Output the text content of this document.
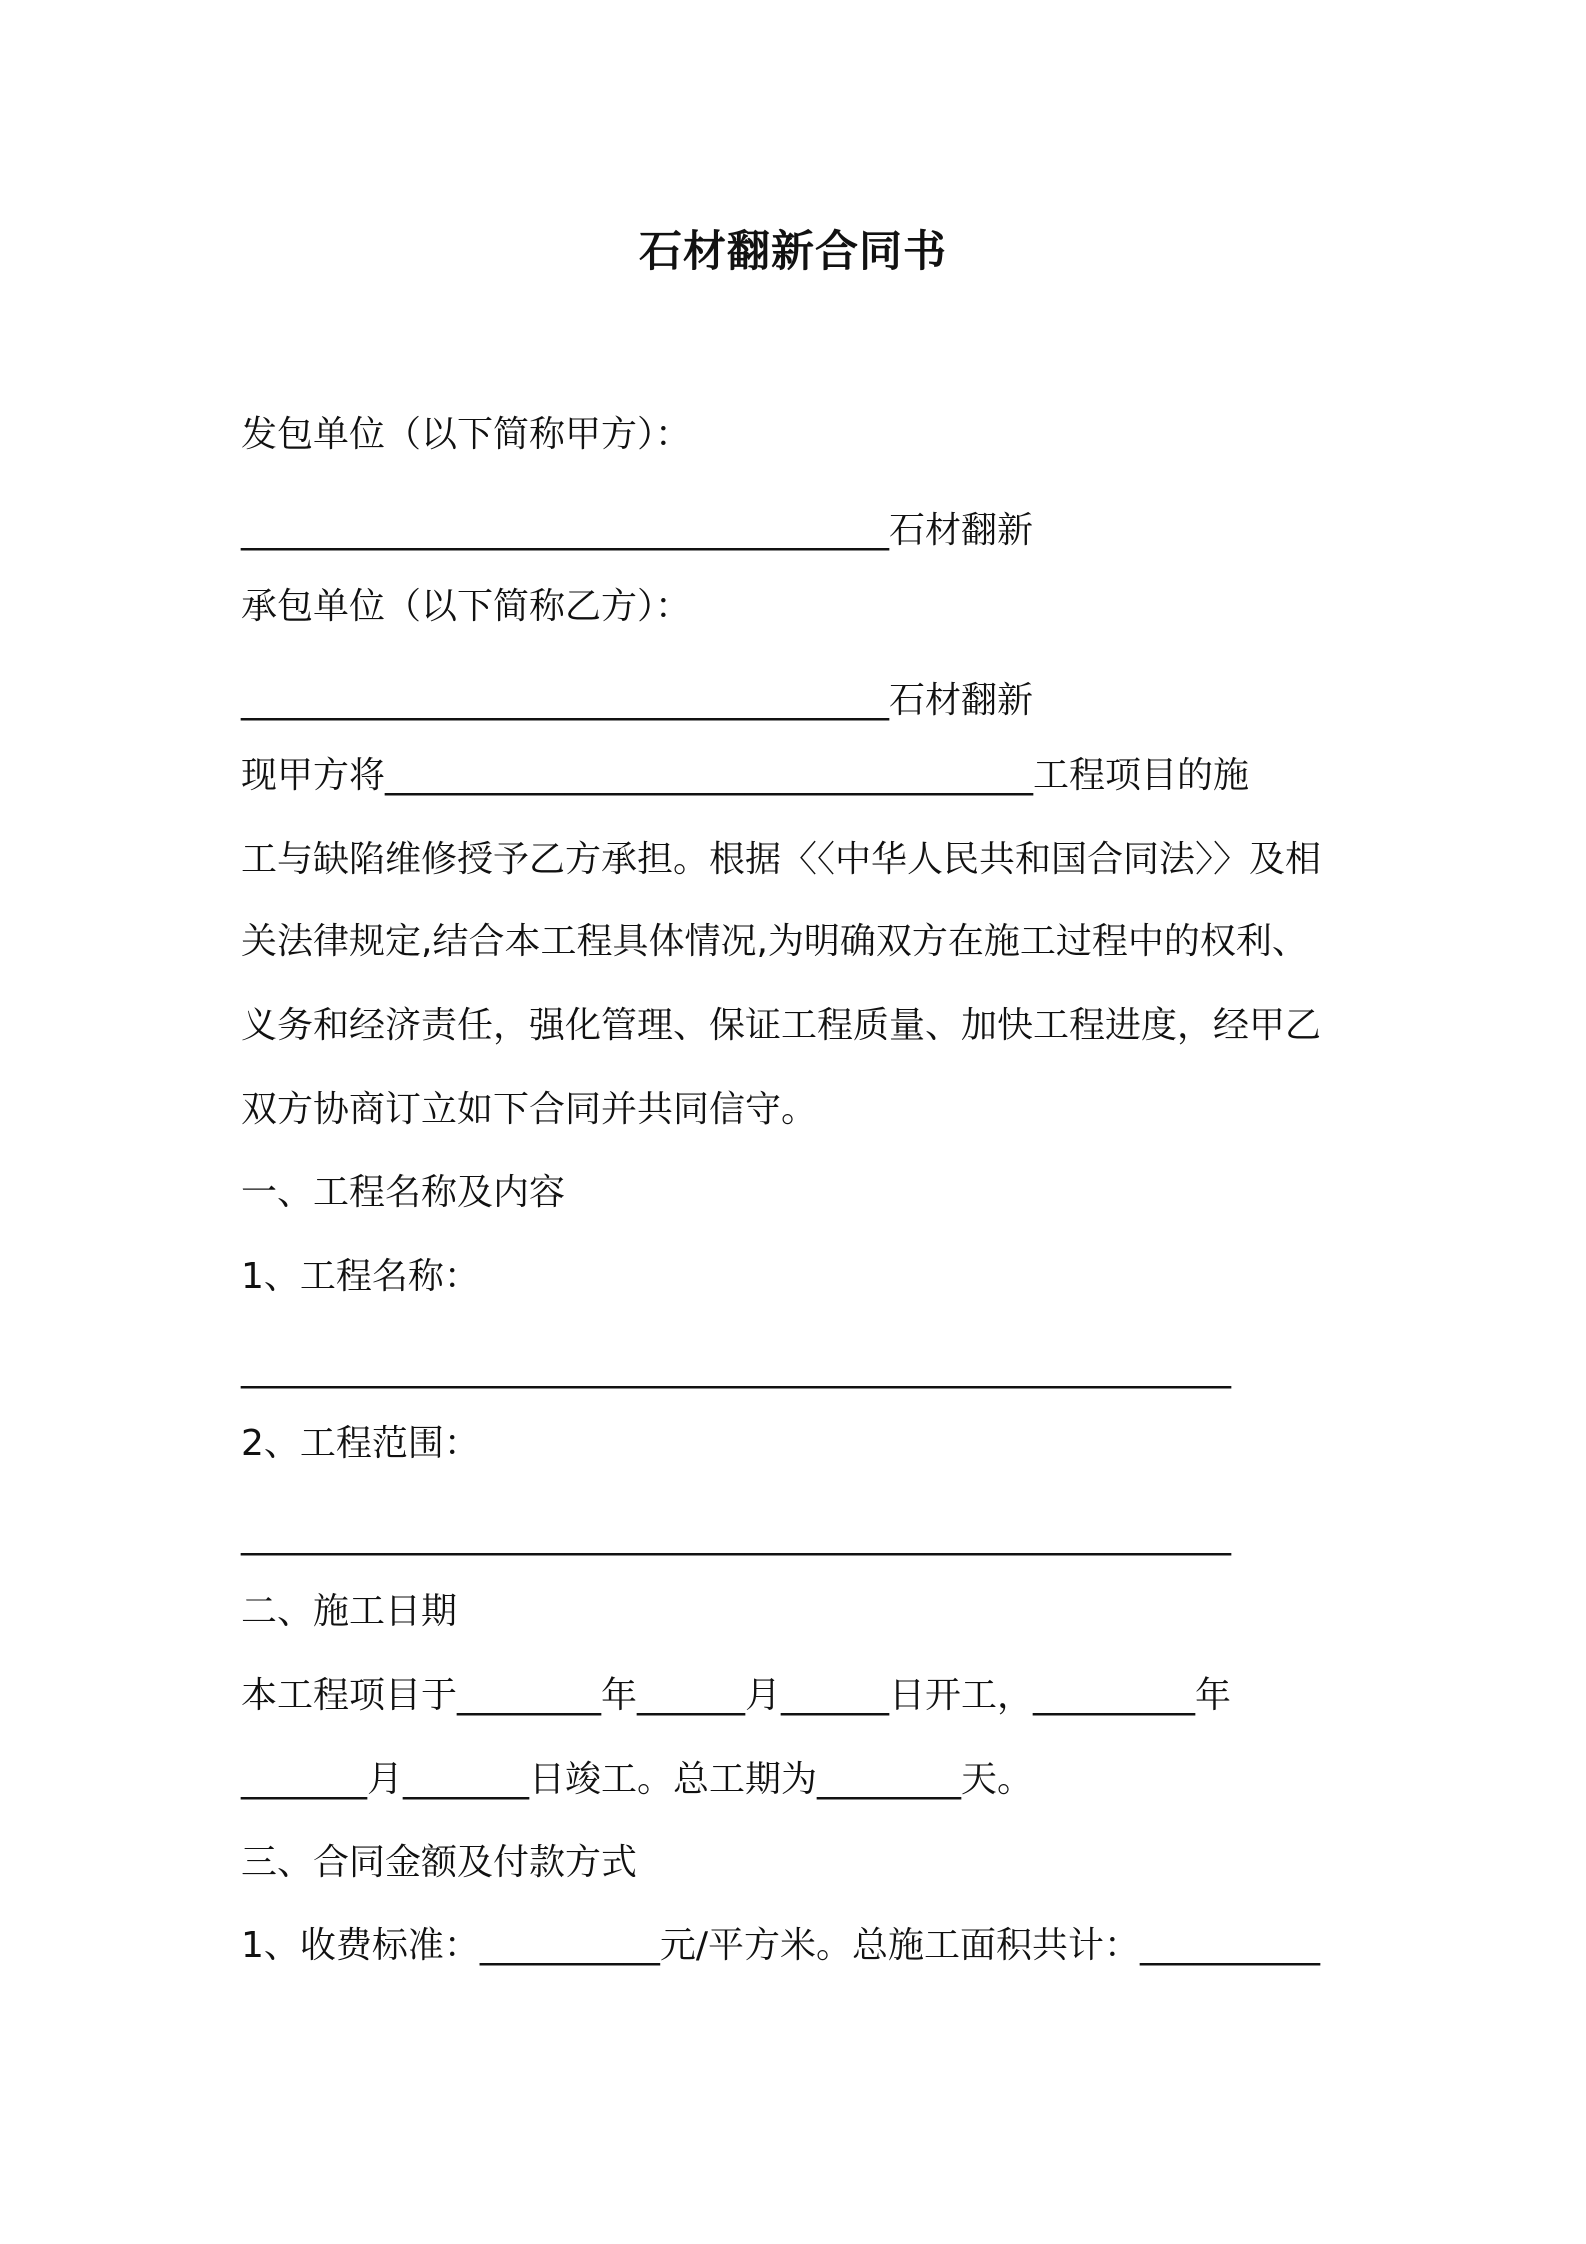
石材翻新合同书
发包单位（以下简称甲方）：
____________________________________石材翻新
承包单位（以下简称乙方）：
____________________________________石材翻新
现甲方将____________________________________工程项目的施
工与缺陷维修授予乙方承担。根据〈〈中华人民共和国合同法〉〉及相
关法律规定,结合本工程具体情况,为明确双方在施工过程中的权利、
义务和经济责任，强化管理、保证工程质量、加快工程进度，经甲乙
双方协商订立如下合同并共同信守。
一、工程名称及内容
1、工程名称：
_______________________________________________________
2、工程范围：
_______________________________________________________
二、施工日期
本工程项目于________年______月______日开工，_________年
_______月_______日竣工。总工期为________天。
三、合同金额及付款方式
1、收费标准：__________元/平方米。总施工面积共计：__________
